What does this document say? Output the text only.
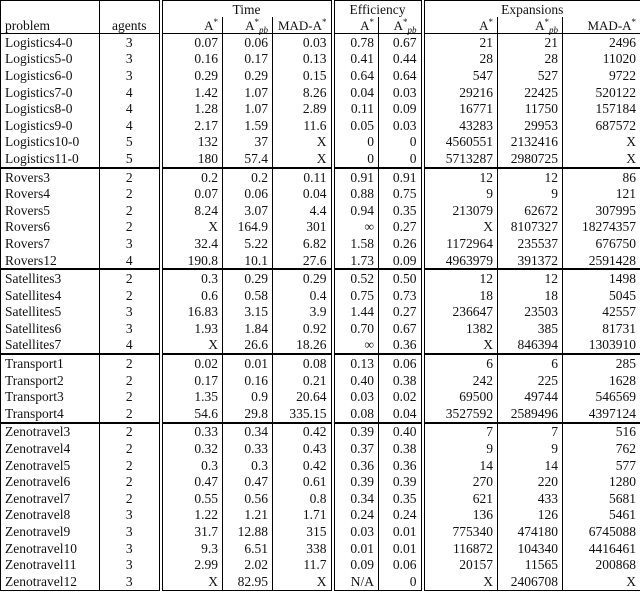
		Time			Efficiency		Expansions		
problem	agents	A*	$A^*_{pb}$	MAD-A*	A*	$A^*_{pb}$	A*	$A^*_{pb}$	MAD-A*
Logistics4-0	3	0.07	0.06	0.03	0.78	0.67	21	21	2496
Logistics5-0	3	0.16	0.17	0.13	0.41	0.44	28	28	11020
Logistics6-0	3	0.29	0.29	0.15	0.64	0.64	547	527	9722
Logistics7-0	4	1.42	1.07	8.26	0.04	0.03	29216	22425	520122
Logistics8-0	4	1.28	1.07	2.89	0.11	0.09	16771	11750	157184
Logistics9-0	4	2.17	1.59	11.6	0.05	0.03	43283	29953	687572
Logistics10-0	5	132	37	X	0	0	4560551	2132416	X
Logistics11-0	5	180	57.4	X	0	0	5713287	2980725	X
Rovers3	2	0.2	0.2	0.11	0.91	0.91	12	12	86
Rovers4	2	0.07	0.06	0.04	0.88	0.75	9	9	121
Rovers5	2	8.24	3.07	4.4	0.94	0.35	213079	62672	307995
Rovers6	2	X	164.9	301	∞	0.27	X	8107327	18274357
Rovers7	3	32.4	5.22	6.82	1.58	0.26	1172964	235537	676750
Rovers12	4	190.8	10.1	27.6	1.73	0.09	4963979	391372	2591428
Satellites3	2	0.3	0.29	0.29	0.52	0.50	12	12	1498
Satellites4	2	0.6	0.58	0.4	0.75	0.73	18	18	5045
Satellites5	3	16.83	3.15	3.9	1.44	0.27	236647	23503	42557
Satellites6	3	1.93	1.84	0.92	0.70	0.67	1382	385	81731
Satellites7	4	X	26.6	18.26	∞	0.36	X	846394	1303910
Transport1	2	0.02	0.01	0.08	0.13	0.06	6	6	285
Transport2	2	0.17	0.16	0.21	0.40	0.38	242	225	1628
Transport3	2	1.35	0.9	20.64	0.03	0.02	69500	49744	546569
Transport4	2	54.6	29.8	335.15	0.08	0.04	3527592	2589496	4397124
Zenotravel3	2	0.33	0.34	0.42	0.39	0.40	7	7	516
Zenotravel4	2	0.32	0.33	0.43	0.37	0.38	9	9	762
Zenotravel5	2	0.3	0.3	0.42	0.36	0.36	14	14	577
Zenotravel6	2	0.47	0.47	0.61	0.39	0.39	270	220	1280
Zenotravel7	2	0.55	0.56	0.8	0.34	0.35	621	433	5681
Zenotravel8	3	1.22	1.21	1.71	0.24	0.24	136	126	5461
Zenotravel9	3	31.7	12.88	315	0.03	0.01	775340	474180	6745088
Zenotravel10	3	9.3	6.51	338	0.01	0.01	116872	104340	4416461
Zenotravel11	3	2.99	2.02	11.7	0.09	0.06	20157	11565	200868
Zenotravel12	3	X	82.95	X	N/A	0	X	2406708	X
